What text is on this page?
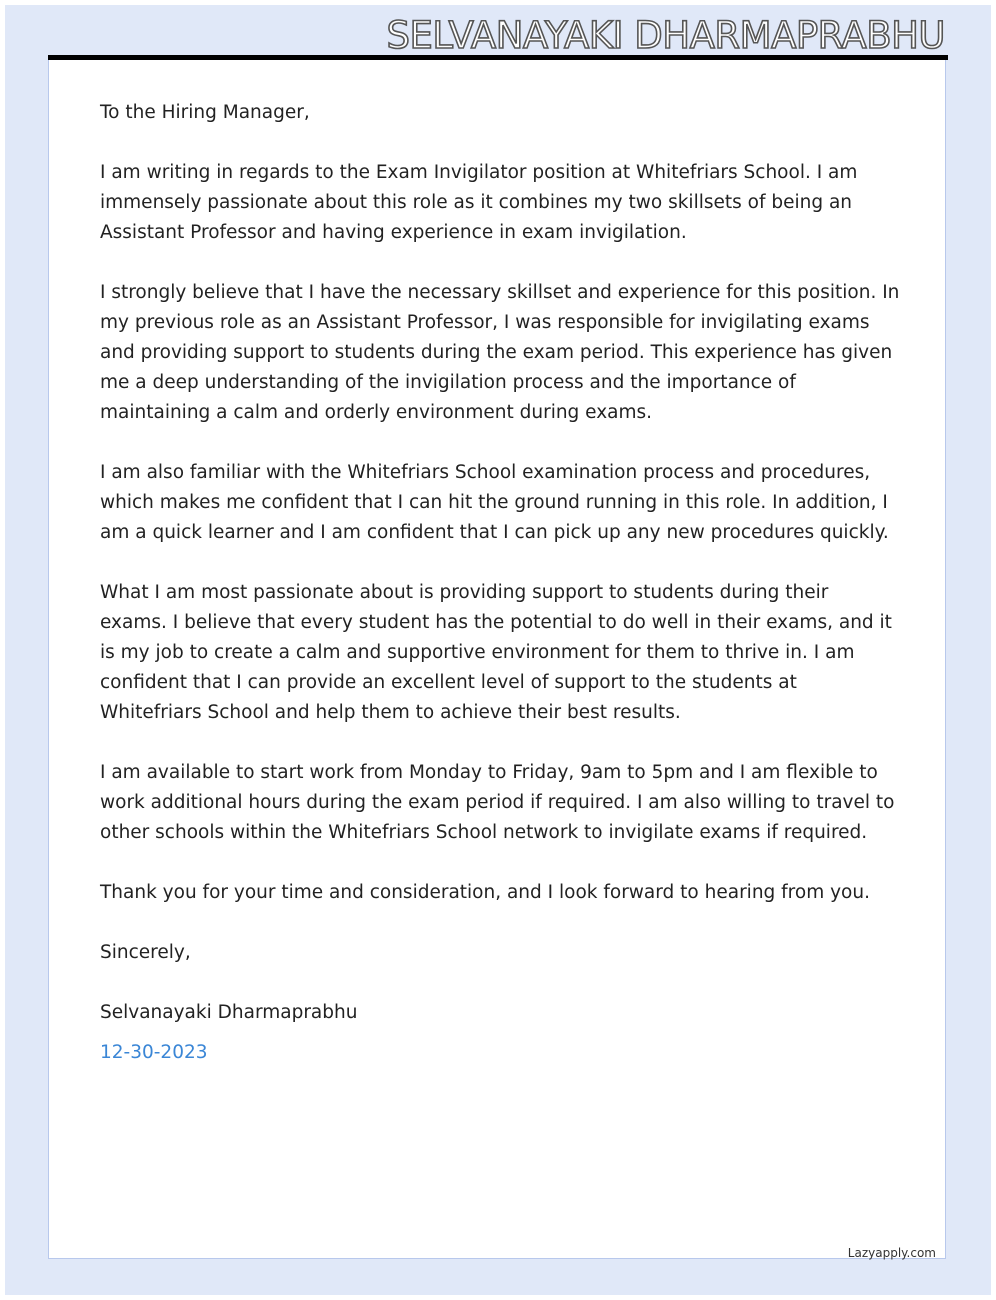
SELVANAYAKI DHARMAPRABHU

To the Hiring Manager,

I am writing in regards to the Exam Invigilator position at Whitefriars School. I am immensely passionate about this role as it combines my two skillsets of being an Assistant Professor and having experience in exam invigilation.

I strongly believe that I have the necessary skillset and experience for this position. In my previous role as an Assistant Professor, I was responsible for invigilating exams and providing support to students during the exam period. This experience has given me a deep understanding of the invigilation process and the importance of maintaining a calm and orderly environment during exams.

I am also familiar with the Whitefriars School examination process and procedures, which makes me confident that I can hit the ground running in this role. In addition, I am a quick learner and I am confident that I can pick up any new procedures quickly.

What I am most passionate about is providing support to students during their exams. I believe that every student has the potential to do well in their exams, and it is my job to create a calm and supportive environment for them to thrive in. I am confident that I can provide an excellent level of support to the students at Whitefriars School and help them to achieve their best results.

I am available to start work from Monday to Friday, 9am to 5pm and I am flexible to work additional hours during the exam period if required. I am also willing to travel to other schools within the Whitefriars School network to invigilate exams if required.

Thank you for your time and consideration, and I look forward to hearing from you.

Sincerely,

Selvanayaki Dharmaprabhu

12-30-2023

Lazyapply.com
